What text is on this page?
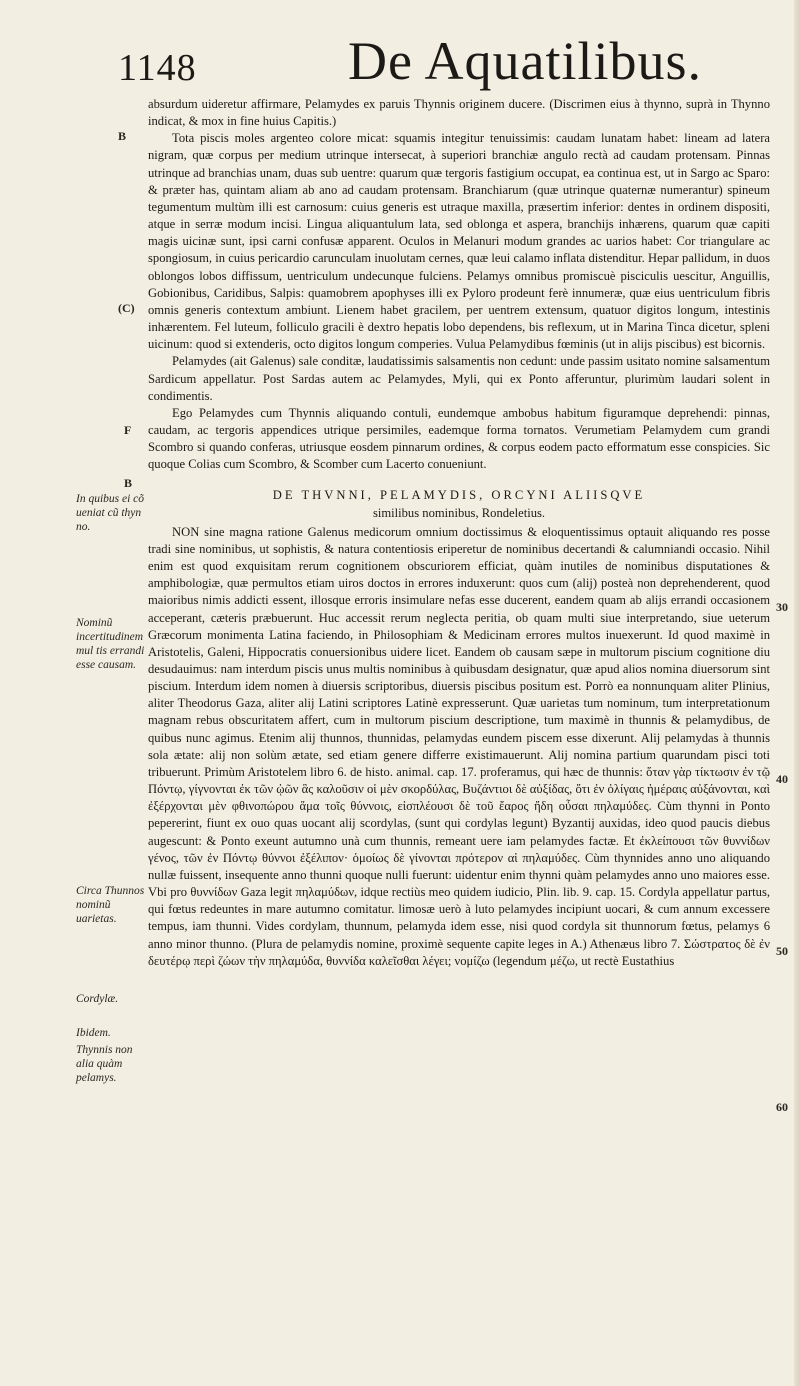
1148	De Aquatilibus.

absurdum uideretur affirmare, Pelamydes ex paruis Thynnis originem ducere. (Discrimen eius à thynno, suprà in Thynno indicat, & mox in fine huius Capitis.)

Tota piscis moles argenteo colore micat: squamis integitur tenuissimis: caudam lunatam habet: lineam ad latera nigram, quæ corpus per medium utrinque intersecat, à superiori branchiæ angulo rectà ad caudam protensam. Pinnas utrinque ad branchias unam, duas sub uentre: quarum quæ tergoris fastigium occupat, ea continua est, ut in Sargo ac Sparo: & præter has, quintam aliam ab ano ad caudam protensam. Branchiarum (quæ utrinque quaternæ numerantur) spineum tegumentum multùm illi est carnosum: cuius generis est utraque maxilla, præsertim inferior: dentes in ordinem dispositi, atque in serræ modum incisi. Lingua aliquantulum lata, sed oblonga et aspera, branchijs inhærens, quarum quæ capiti magis uicinæ sunt, ipsi carni confusæ apparent. Oculos in Melanuri modum grandes ac uarios habet: Cor triangulare ac spongiosum, in cuius pericardio carunculam inuolutam cernes, quæ leui calamo inflata distenditur. Hepar pallidum, in duos oblongos lobos diffissum, uentriculum undecunque fulciens. Pelamys omnibus promiscuè pisciculis uescitur, Anguillis, Gobionibus, Caridibus, Salpis: quamobrem apophyses illi ex Pyloro prodeunt ferè innumeræ, quæ eius uentriculum fibris omnis generis contextum ambiunt. Lienem habet gracilem, per uentrem extensum, quatuor digitos longum, intestinis inhærentem. Fel luteum, folliculo gracili è dextro hepatis lobo dependens, bis reflexum, ut in Marina Tinca dicetur, spleni uicinum: quod si extenderis, octo digitos longum comperies. Vulua Pelamydibus fœminis (ut in alijs piscibus) est bicornis.

Pelamydes (ait Galenus) sale conditæ, laudatissimis salsamentis non cedunt: unde passim usitato nomine salsamentum Sardicum appellatur. Post Sardas autem ac Pelamydes, Myli, qui ex Ponto afferuntur, plurimùm laudari solent in condimentis.

Ego Pelamydes cum Thynnis aliquando contuli, eundemque ambobus habitum figuramque deprehendi: pinnas, caudam, ac tergoris appendices utrique persimiles, eademque forma tornatos. Verumetiam Pelamydem cum grandi Scombro si quando conferas, utriusque eosdem pinnarum ordines, & corpus eodem pacto efformatum esse conspicies. Sic quoque Colias cum Scombro, & Scomber cum Lacerto conueniunt.

DE THVNNI, PELAMYDIS, ORCYNI ALIISQVE

similibus nominibus, Rondeletius.

NON sine magna ratione Galenus medicorum omnium doctissimus & eloquentissimus optauit aliquando res posse tradi sine nominibus, ut sophistis, & natura contentiosis eriperetur de nominibus decertandi & calumniandi occasio. Nihil enim est quod exquisitam rerum cognitionem obscuriorem efficiat, quàm inutiles de nominibus disputationes & amphibologiæ, quæ permultos etiam uiros doctos in errores induxerunt: quos cum (alij) posteà non deprehenderent, quod maioribus nimis addicti essent, illosque erroris insimulare nefas esse ducerent, eandem quam ab alijs errandi occasionem acceperant, cæteris præbuerunt. Huc accessit rerum neglecta peritia, ob quam multi siue interpretando, siue ueterum Græcorum monimenta Latina faciendo, in Philosophiam & Medicinam errores multos inuexerunt. Id quod maximè in Aristotelis, Galeni, Hippocratis conuersionibus uidere licet. Eandem ob causam sæpe in multorum piscium cognitione diu desudauimus: nam interdum piscis unus multis nominibus à quibusdam designatur, quæ apud alios nomina diuersorum sint piscium. Interdum idem nomen à diuersis scriptoribus, diuersis piscibus positum est. Porrò ea nonnunquam aliter Plinius, aliter Theodorus Gaza, aliter alij Latini scriptores Latinè expresserunt. Quæ uarietas tum nominum, tum interpretationum magnam rebus obscuritatem affert, cum in multorum piscium descriptione, tum maximè in thunnis & pelamydibus, de quibus nunc agimus. Etenim alij thunnos, thunnidas, pelamydas eundem piscem esse dixerunt. Alij pelamydas à thunnis sola ætate: alij non solùm ætate, sed etiam genere differre existimauerunt. Alij nomina partium quarundam pisci toti tribuerunt. Primùm Aristotelem libro 6. de histo. animal. cap. 17. proferamus, qui hæc de thunnis: ὅταν γὰρ τίκτωσιν ἐν τῷ Πόντῳ, γίγνονται ἐκ τῶν ᾠῶν ἃς καλοῦσιν οἱ μὲν σκορδύλας, Βυζάντιοι δὲ αὐξίδας, ὅτι ἐν ὀλίγαις ἡμέραις αὐξάνονται, καὶ ἐξέρχονται μὲν φθινοπώρου ἅμα τοῖς θύννοις, εἰσπλέουσι δὲ τοῦ ἔαρος ἤδη οὖσαι πηλαμύδες. Cùm thynni in Ponto pepererint, fiunt ex ouo quas uocant alij scordylas, (sunt qui cordylas legunt) Byzantij auxidas, ideo quod paucis diebus augescunt: & Ponto exeunt autumno unà cum thunnis, remeant uere iam pelamydes factæ. Et ἐκλείπουσι τῶν θυννίδων γένος, τῶν ἐν Πόντῳ θύννοι ἐξέλιπον· ὁμοίως δὲ γίνονται πρότερον αἱ πηλαμύδες. Cùm thynnides anno uno aliquando nullæ fuissent, insequente anno thunni quoque nulli fuerunt: uidentur enim thynni quàm pelamydes anno uno maiores esse. Vbi pro θυννίδων Gaza legit πηλαμύδων, idque rectiùs meo quidem iudicio, Plin. lib. 9. cap. 15. Cordyla appellatur partus, qui fœtus redeuntes in mare autumno comitatur. limosæ uerò à luto pelamydes incipiunt uocari, & cum annum excessere tempus, iam thunni. Vides cordylam, thunnum, pelamyda idem esse, nisi quod cordyla sit thunnorum fœtus, pelamys 6 anno minor thunno. (Plura de pelamydis nomine, proximè sequente capite leges in A.) Athenæus libro 7. Σώστρατος δὲ ἐν δευτέρῳ περὶ ζώων τὴν πηλαμύδα, θυννίδα καλεῖσθαι λέγει; νομίζω (legendum μέζω, ut rectè Eustathius

B
(C)
F
B
In quibus ei cõ ueniat cũ thyn no.
Nominũ incertitudinem mul tis errandi esse causam.
Circa Thunnos nominũ uarietas.
Cordylæ.
Ibidem.
Thynnis non alia quàm pelamys.
30
40
50
60
